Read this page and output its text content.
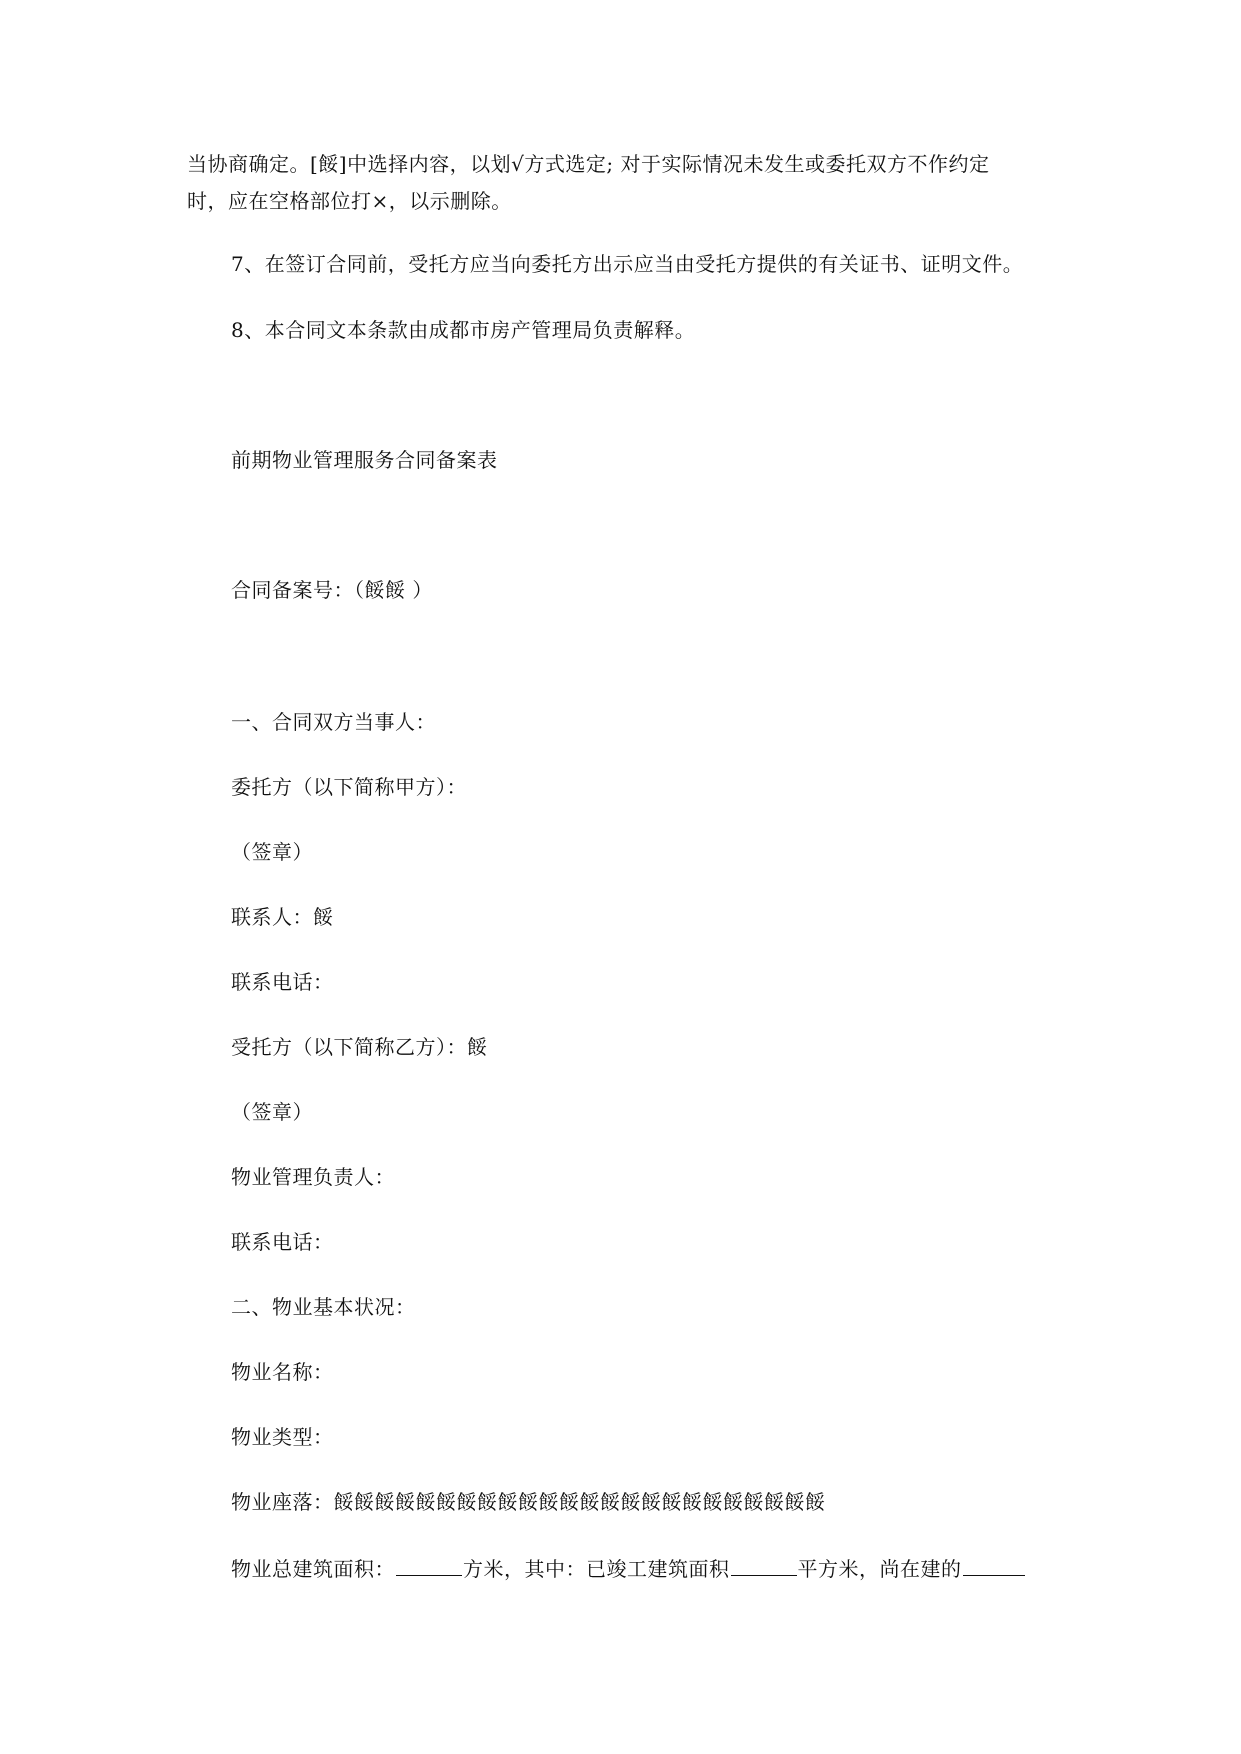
当协商确定。[餒]中选择内容，以划√方式选定; 对于实际情况未发生或委托双方不作约定

时，应在空格部位打×，以示删除。

7、在签订合同前，受托方应当向委托方出示应当由受托方提供的有关证书、证明文件。

8、本合同文本条款由成都市房产管理局负责解释。

前期物业管理服务合同备案表

合同备案号：（餒餒 ）

一、合同双方当事人：

委托方（以下简称甲方）：

（签章）

联系人：餒

联系电话：

受托方（以下简称乙方）：餒

（签章）

物业管理负责人：

联系电话：

二、物业基本状况：

物业名称：

物业类型：

物业座落：餒餒餒餒餒餒餒餒餒餒餒餒餒餒餒餒餒餒餒餒餒餒餒餒

物业总建筑面积：	方米，其中：已竣工建筑面积	平方米，尚在建的
